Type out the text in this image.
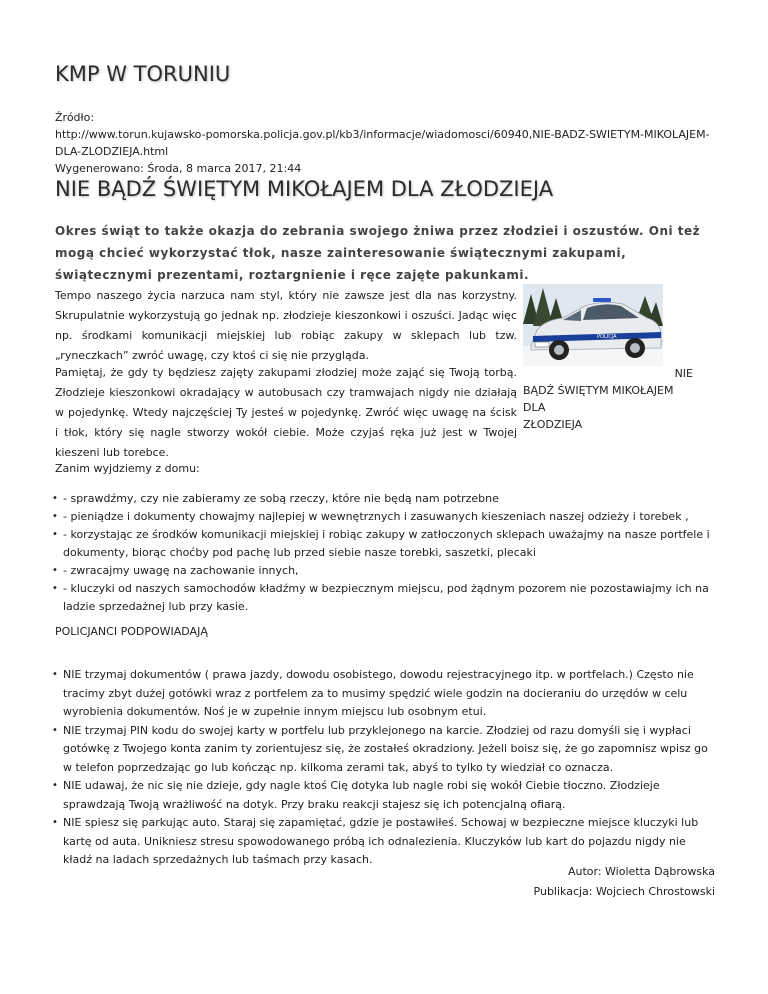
KMP W TORUNIU
Źródło:
http://www.torun.kujawsko-pomorska.policja.gov.pl/kb3/informacje/wiadomosci/60940,NIE-BADZ-SWIETYM-MIKOLAJEM-DLA-ZLODZIEJA.html
Wygenerowano: Środa, 8 marca 2017, 21:44
NIE BĄDŹ ŚWIĘTYM MIKOŁAJEM DLA ZŁODZIEJA
Okres świąt to także okazja do zebrania swojego żniwa przez złodziei i oszustów. Oni też mogą chcieć wykorzystać tłok, nasze zainteresowanie świątecznymi zakupami, świątecznymi prezentami, roztargnienie i ręce zajęte pakunkami.
Tempo naszego życia narzuca nam styl, który nie zawsze jest dla nas korzystny. Skrupulatnie wykorzystują go jednak np. złodzieje kieszonkowi i oszuści. Jadąc więc np. środkami komunikacji miejskiej lub robiąc zakupy w sklepach lub tzw. „ryneczkach” zwróć uwagę, czy ktoś ci się nie przygląda.
POLICJA
Pamiętaj, że gdy ty będziesz zajęty zakupami złodziej może zająć się Twoją torbą. Złodzieje kieszonkowi okradający w autobusach czy tramwajach nigdy nie działają w pojedynkę. Wtedy najczęściej Ty jesteś w pojedynkę. Zwróć więc uwagę na ścisk i tłok, który się nagle stworzy wokół ciebie. Może czyjaś ręka już jest w Twojej kieszeni lub torebce.
NIE
BĄDŹ ŚWIĘTYM MIKOŁAJEM DLA
ZŁODZIEJA
Zanim wyjdziemy z domu:
• - sprawdźmy, czy nie zabieramy ze sobą rzeczy, które nie będą nam potrzebne
• - pieniądze i dokumenty chowajmy najlepiej w wewnętrznych i zasuwanych kieszeniach naszej odzieży i torebek ,
• - korzystając ze środków komunikacji miejskiej i robiąc zakupy w zatłoczonych sklepach uważajmy na nasze portfele i dokumenty, biorąc choćby pod pachę lub przed siebie nasze torebki, saszetki, plecaki
• - zwracajmy uwagę na zachowanie innych,
• - kluczyki od naszych samochodów kładźmy w bezpiecznym miejscu, pod żądnym pozorem nie pozostawiajmy ich na ladzie sprzedażnej lub przy kasie.
POLICJANCI PODPOWIADAJĄ
• NIE trzymaj dokumentów ( prawa jazdy, dowodu osobistego, dowodu rejestracyjnego itp. w portfelach.) Często nie tracimy zbyt dużej gotówki wraz z portfelem za to musimy spędzić wiele godzin na docieraniu do urzędów w celu wyrobienia dokumentów. Noś je w zupełnie innym miejscu lub osobnym etui.
• NIE trzymaj PIN kodu do swojej karty w portfelu lub przyklejonego na karcie. Złodziej od razu domyśli się i wypłaci gotówkę z Twojego konta zanim ty zorientujesz się, że zostałeś okradziony. Jeżeli boisz się, że go zapomnisz wpisz go w telefon poprzedzając go lub kończąc np. kilkoma zerami tak, abyś to tylko ty wiedział co oznacza.
• NIE udawaj, że nic się nie dzieje, gdy nagle ktoś Cię dotyka lub nagle robi się wokół Ciebie tłoczno. Złodzieje sprawdzają Twoją wrażliwość na dotyk. Przy braku reakcji stajesz się ich potencjalną ofiarą.
• NIE spiesz się parkując auto. Staraj się zapamiętać, gdzie je postawiłeś. Schowaj w bezpieczne miejsce kluczyki lub kartę od auta. Unikniesz stresu spowodowanego próbą ich odnalezienia. Kluczyków lub kart do pojazdu nigdy nie kładź na ladach sprzedażnych lub taśmach przy kasach.
Autor: Wioletta Dąbrowska
Publikacja: Wojciech Chrostowski
